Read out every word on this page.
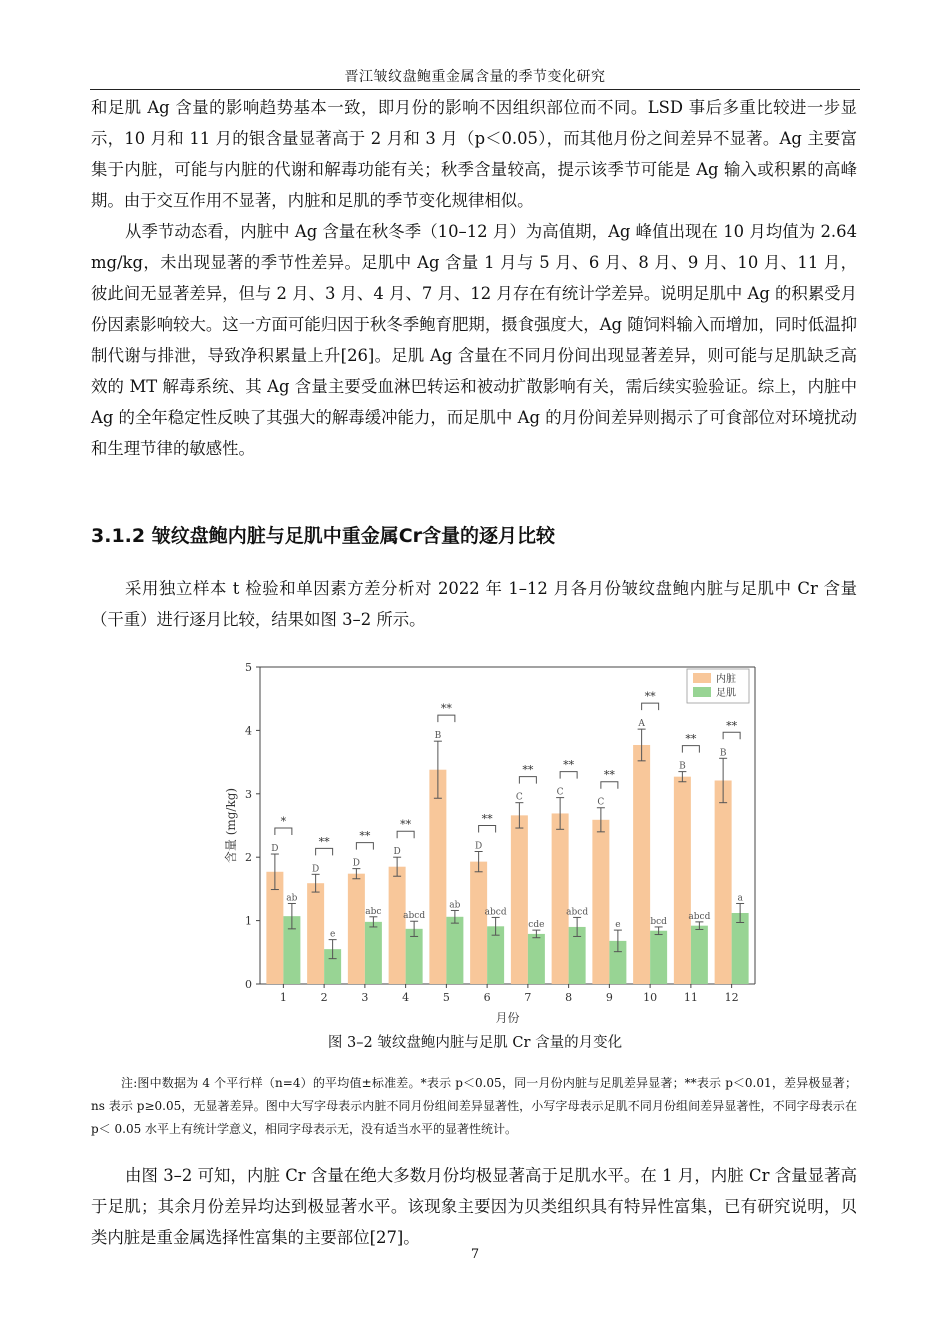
晋江皱纹盘鲍重金属含量的季节变化研究

和足肌 Ag 含量的影响趋势基本一致，即月份的影响不因组织部位而不同。LSD 事后多重比较进一步显示，10 月和 11 月的银含量显著高于 2 月和 3 月（p＜0.05），而其他月份之间差异不显著。Ag 主要富集于内脏，可能与内脏的代谢和解毒功能有关；秋季含量较高，提示该季节可能是 Ag 输入或积累的高峰期。由于交互作用不显著，内脏和足肌的季节变化规律相似。

从季节动态看，内脏中 Ag 含量在秋冬季（10–12 月）为高值期，Ag 峰值出现在 10 月均值为 2.64 mg/kg，未出现显著的季节性差异。足肌中 Ag 含量 1 月与 5 月、6 月、8 月、9 月、10 月、11 月，彼此间无显著差异，但与 2 月、3 月、4 月、7 月、12 月存在有统计学差异。说明足肌中 Ag 的积累受月份因素影响较大。这一方面可能归因于秋冬季鲍育肥期，摄食强度大，Ag 随饲料输入而增加，同时低温抑制代谢与排泄，导致净积累量上升[26]。足肌 Ag 含量在不同月份间出现显著差异，则可能与足肌缺乏高效的 MT 解毒系统、其 Ag 含量主要受血淋巴转运和被动扩散影响有关，需后续实验验证。综上，内脏中 Ag 的全年稳定性反映了其强大的解毒缓冲能力，而足肌中 Ag 的月份间差异则揭示了可食部位对环境扰动和生理节律的敏感性。

3.1.2 皱纹盘鲍内脏与足肌中重金属Cr含量的逐月比较

采用独立样本 t 检验和单因素方差分析对 2022 年 1–12 月各月份皱纹盘鲍内脏与足肌中 Cr 含量（干重）进行逐月比较，结果如图 3–2 所示。

0
1
2
3
4
5
含量 (mg/kg)
月份
D
ab
*
1
D
e
**
2
D
abc
**
3
D
abcd
**
4
B
ab
**
5
D
abcd
**
6
C
cde
**
7
C
abcd
**
8
C
e
**
9
A
bcd
**
10
B
abcd
**
11
B
a
**
12
内脏
足肌
图 3–2 皱纹盘鲍内脏与足肌 Cr 含量的月变化

注:图中数据为 4 个平行样（n=4）的平均值±标准差。*表示 p＜0.05，同一月份内脏与足肌差异显著；**表示 p＜0.01，差异极显著；ns 表示 p≥0.05，无显著差异。图中大写字母表示内脏不同月份组间差异显著性，小写字母表示足肌不同月份组间差异显著性，不同字母表示在 p＜ 0.05 水平上有统计学意义，相同字母表示无，没有适当水平的显著性统计。

由图 3–2 可知，内脏 Cr 含量在绝大多数月份均极显著高于足肌水平。在 1 月，内脏 Cr 含量显著高于足肌；其余月份差异均达到极显著水平。该现象主要因为贝类组织具有特异性富集，已有研究说明，贝类内脏是重金属选择性富集的主要部位[27]。

7
